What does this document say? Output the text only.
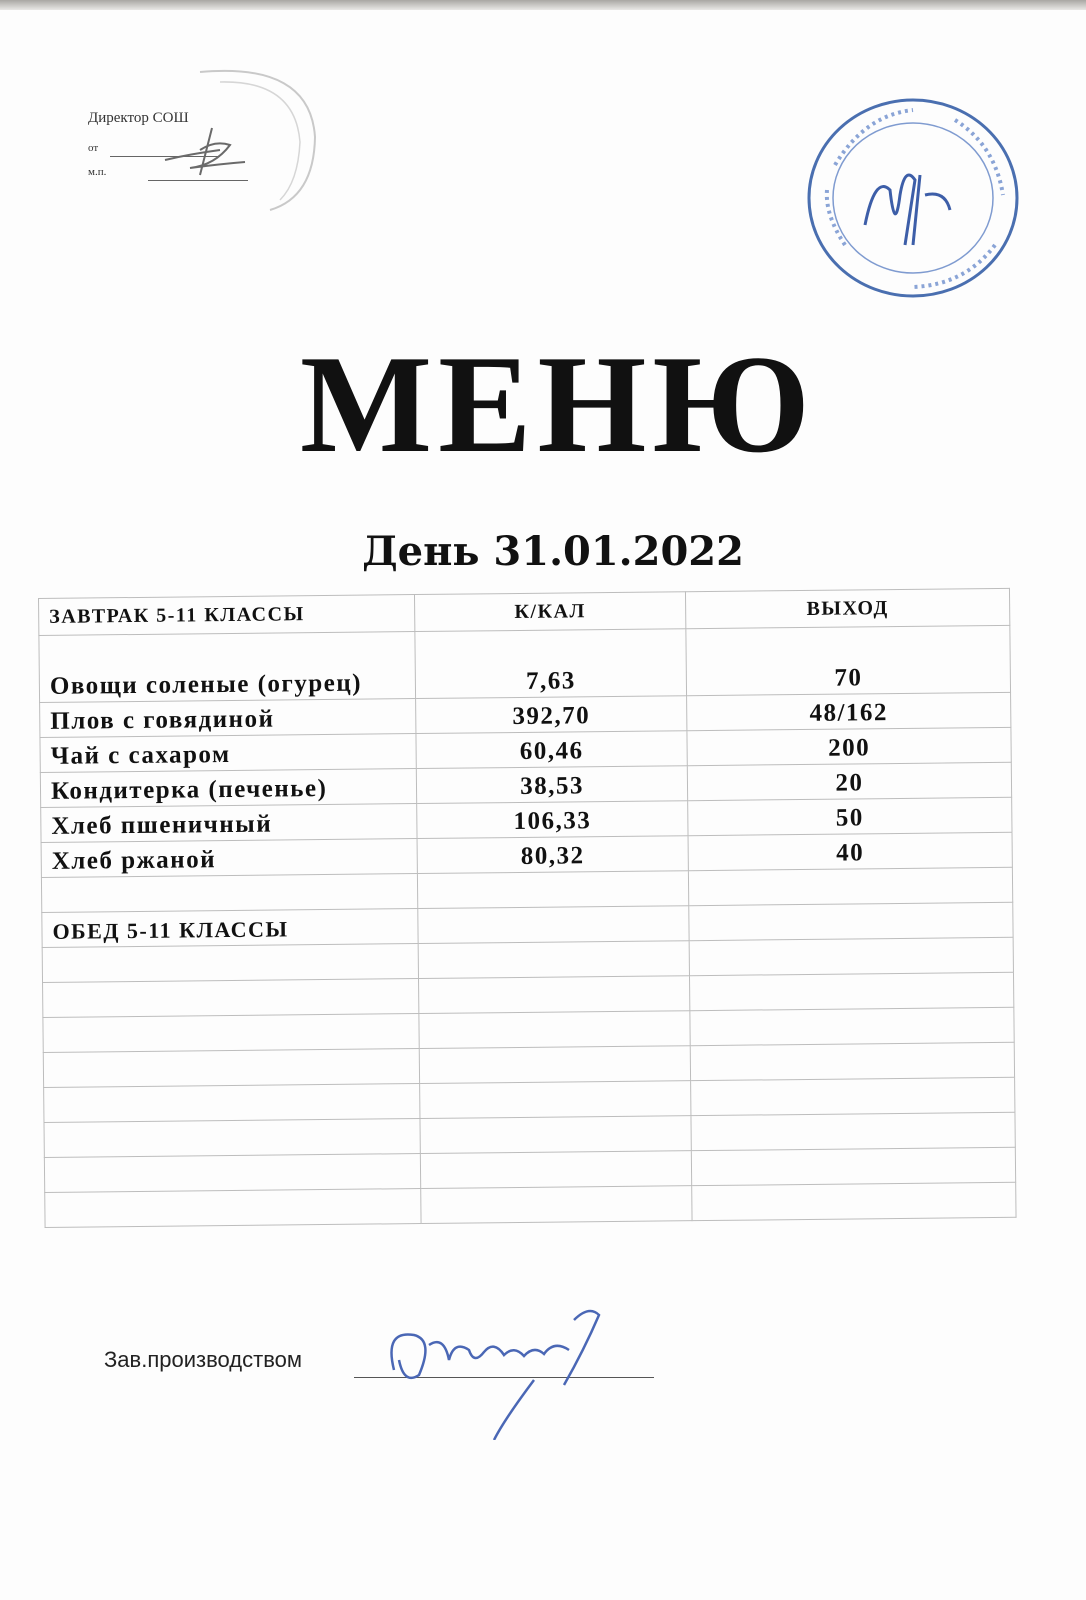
Директор СОШ
от
м.п.
МЕНЮ
День 31.01.2022
ЗАВТРАК 5-11 КЛАССЫ	К/КАЛ	ВЫХОД
Овощи соленые (огурец)	7,63	70
Плов с говядиной	392,70	48/162
Чай с сахаром	60,46	200
Кондитерка (печенье)	38,53	20
Хлеб пшеничный	106,33	50
Хлеб ржаной	80,32	40

ОБЕД 5-11 КЛАССЫ		

Зав.производством
